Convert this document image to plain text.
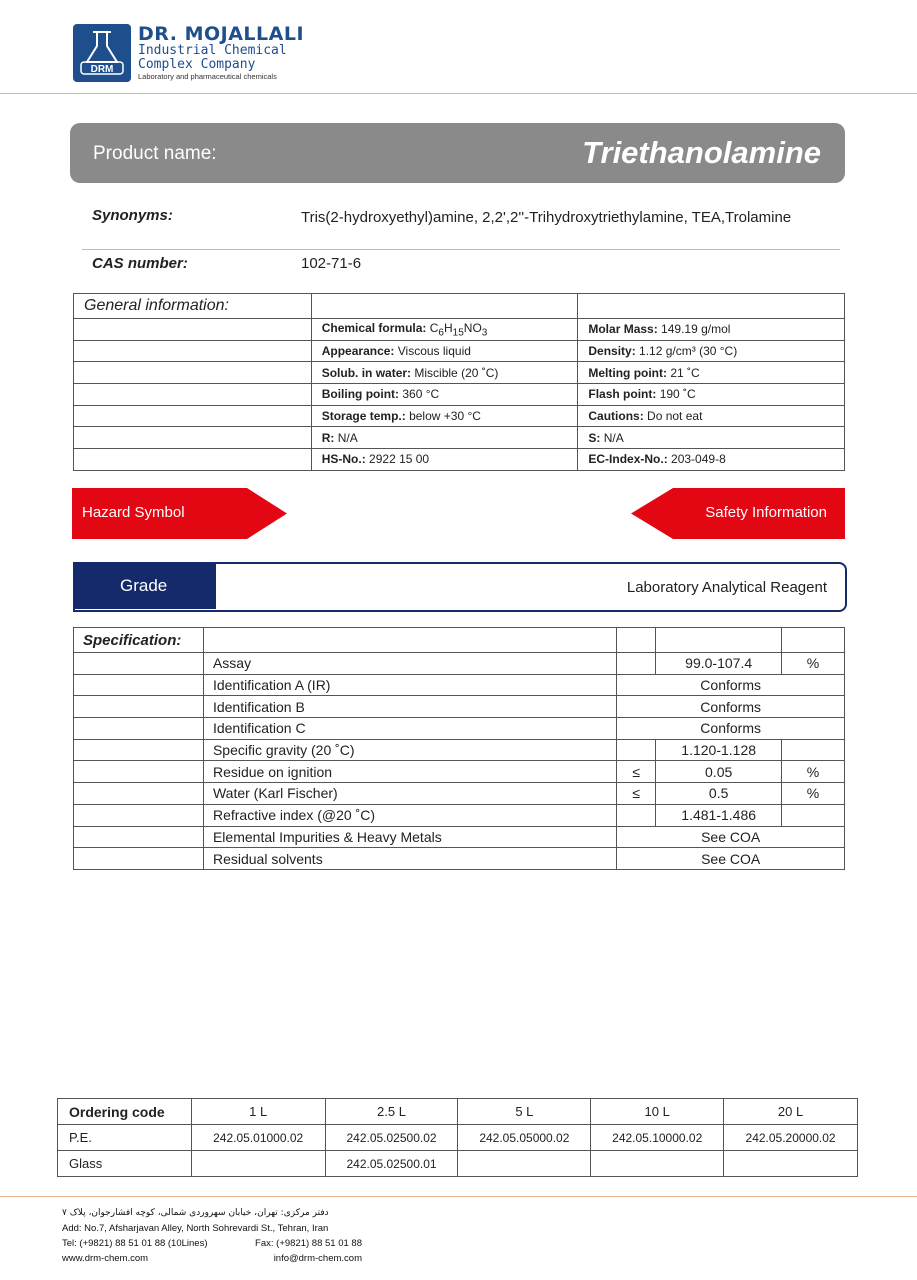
DRM
DR. MOJALLALI
Industrial Chemical
Complex Company
Laboratory and pharmaceutical chemicals
Product name:	Triethanolamine
Synonyms:	Tris(2-hydroxyethyl)amine, 2,2',2''-Trihydroxytriethylamine, TEA,Trolamine
CAS number:	102-71-6
General information:		
	Chemical formula: $C_6H_{15}NO_3$	Molar Mass: 149.19 g/mol
	Appearance: Viscous liquid	Density: 1.12 g/cm³ (30 °C)
	Solub. in water: Miscible (20 ˚C)	Melting point: 21 ˚C
	Boiling point: 360 °C	Flash point: 190 ˚C
	Storage temp.: below +30 °C	Cautions: Do not eat
	R: N/A	S: N/A
	HS-No.: 2922 15 00	EC-Index-No.: 203-049-8
Hazard Symbol	Safety Information
Grade	Laboratory Analytical Reagent
Specification:				
	Assay		99.0-107.4	%
	Identification A (IR)	Conforms		
	Identification B	Conforms		
	Identification C	Conforms		
	Specific gravity (20 ˚C)		1.120-1.128	
	Residue on ignition	≤	0.05	%
	Water (Karl Fischer)	≤	0.5	%
	Refractive index (@20 ˚C)		1.481-1.486	
	Elemental Impurities & Heavy Metals	See COA		
	Residual solvents	See COA		
Ordering code	1 L	2.5 L	5 L	10 L	20 L
P.E.	242.05.01000.02	242.05.02500.02	242.05.05000.02	242.05.10000.02	242.05.20000.02
Glass		242.05.02500.01			
دفتر مرکزی: تهران، خیابان سهروردی شمالی، کوچه افشارجوان، پلاک ۷
Add: No.7, Afsharjavan Alley, North Sohrevardi St., Tehran, Iran
Tel: (+9821) 88 51 01 88 (10Lines)	Fax: (+9821) 88 51 01 88
www.drm-chem.com	info@drm-chem.com
